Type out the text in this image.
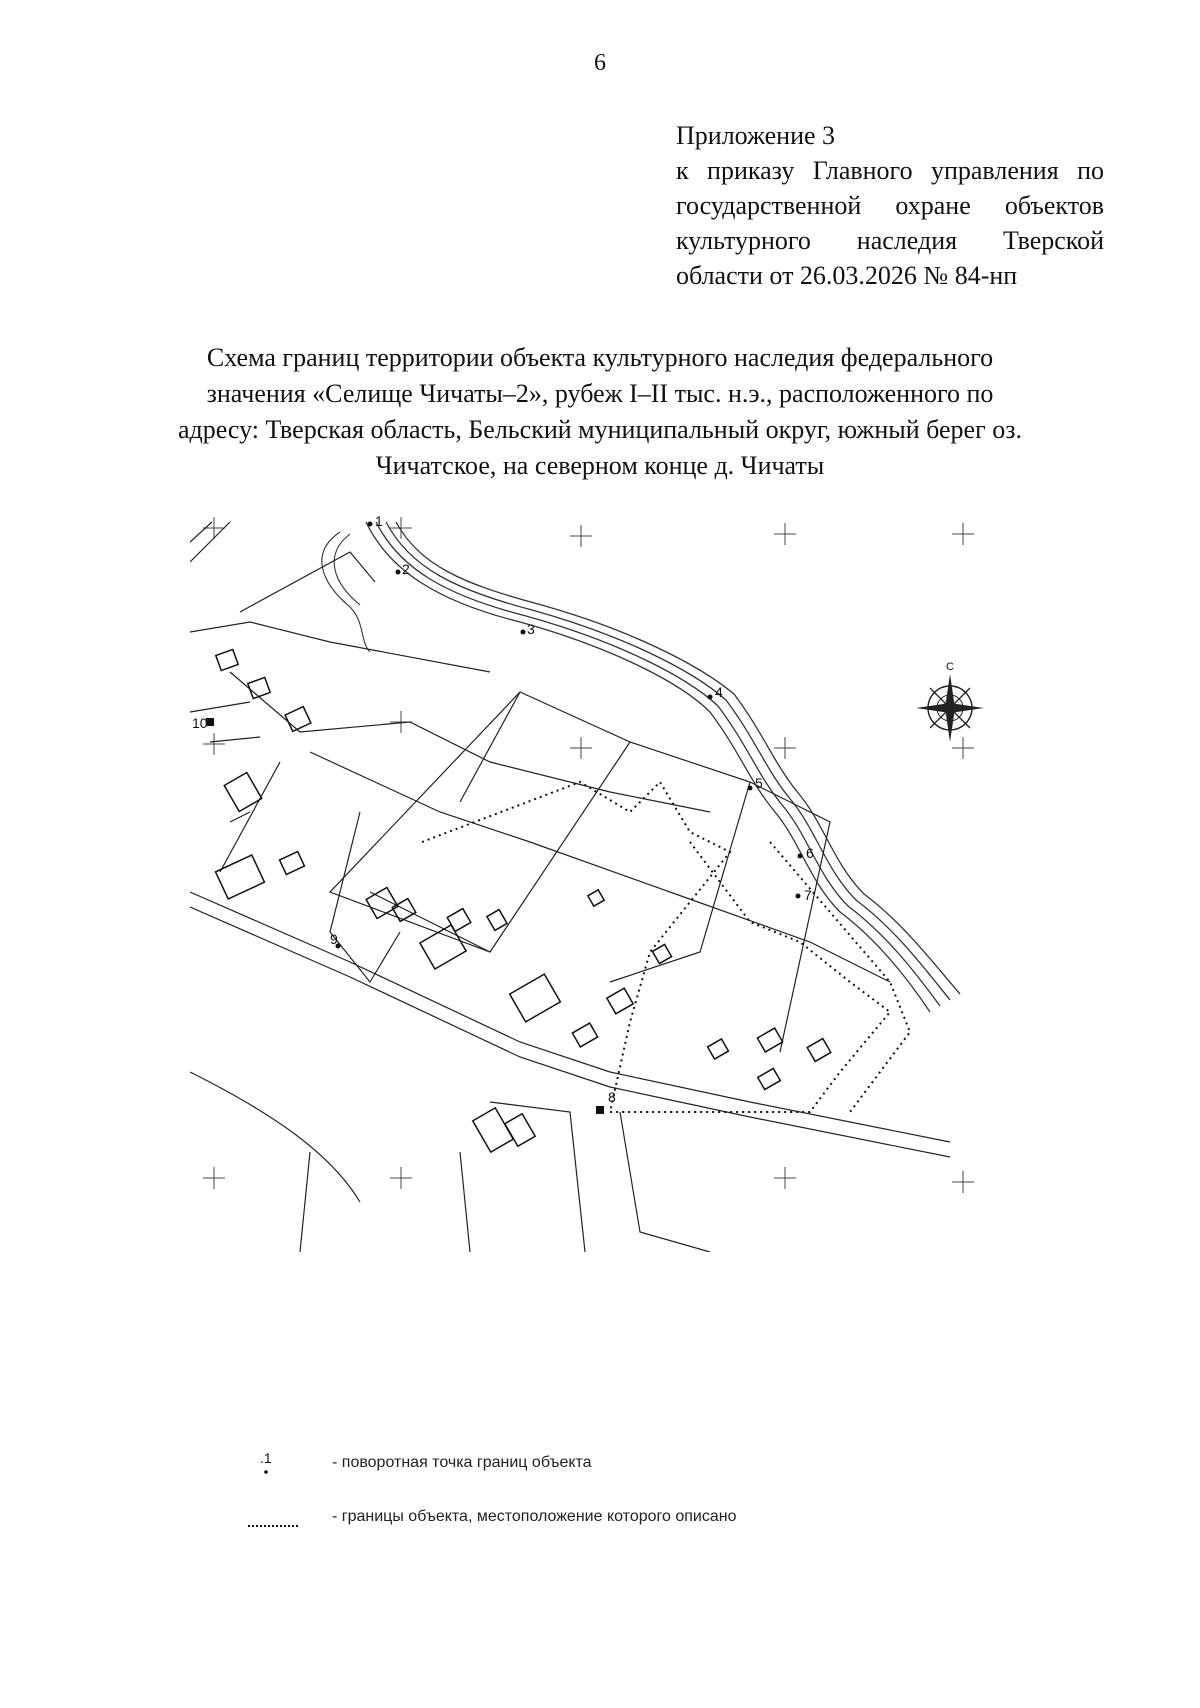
6
Приложение 3
к приказу Главного управления по
государственной охране объектов
культурного наследия Тверской
области от 26.03.2026 № 84-нп
Схема границ территории объекта культурного наследия федерального
значения «Селище Чичаты–2», рубеж I–II тыс. н.э., расположенного по
адресу: Тверская область, Бельский муниципальный округ, южный берег оз.
Чичатское, на северном конце д. Чичаты
1
2
3
4
5
6
7
8
9
10
С
.1	- поворотная точка границ объекта
- границы объекта, местоположение которого описано
